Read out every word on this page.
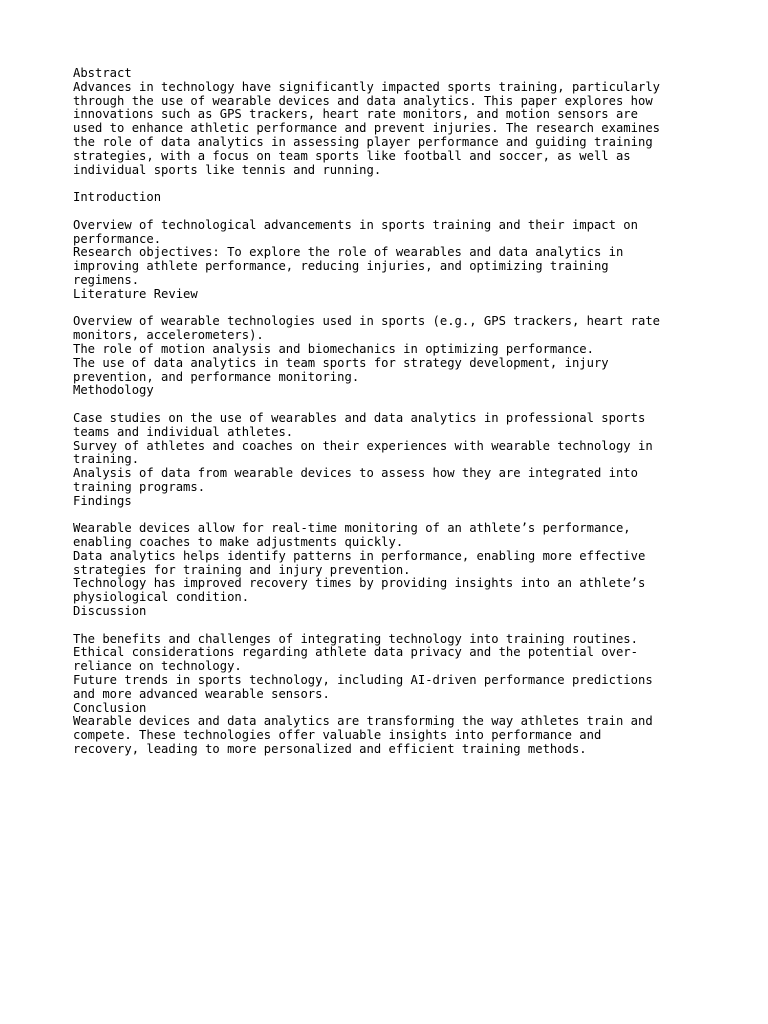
Abstract
Advances in technology have significantly impacted sports training, particularly
through the use of wearable devices and data analytics. This paper explores how
innovations such as GPS trackers, heart rate monitors, and motion sensors are
used to enhance athletic performance and prevent injuries. The research examines
the role of data analytics in assessing player performance and guiding training
strategies, with a focus on team sports like football and soccer, as well as
individual sports like tennis and running.
Introduction
Overview of technological advancements in sports training and their impact on
performance.
Research objectives: To explore the role of wearables and data analytics in
improving athlete performance, reducing injuries, and optimizing training
regimens.
Literature Review
Overview of wearable technologies used in sports (e.g., GPS trackers, heart rate
monitors, accelerometers).
The role of motion analysis and biomechanics in optimizing performance.
The use of data analytics in team sports for strategy development, injury
prevention, and performance monitoring.
Methodology
Case studies on the use of wearables and data analytics in professional sports
teams and individual athletes.
Survey of athletes and coaches on their experiences with wearable technology in
training.
Analysis of data from wearable devices to assess how they are integrated into
training programs.
Findings
Wearable devices allow for real-time monitoring of an athlete’s performance,
enabling coaches to make adjustments quickly.
Data analytics helps identify patterns in performance, enabling more effective
strategies for training and injury prevention.
Technology has improved recovery times by providing insights into an athlete’s
physiological condition.
Discussion
The benefits and challenges of integrating technology into training routines.
Ethical considerations regarding athlete data privacy and the potential over-
reliance on technology.
Future trends in sports technology, including AI-driven performance predictions
and more advanced wearable sensors.
Conclusion
Wearable devices and data analytics are transforming the way athletes train and
compete. These technologies offer valuable insights into performance and
recovery, leading to more personalized and efficient training methods.
